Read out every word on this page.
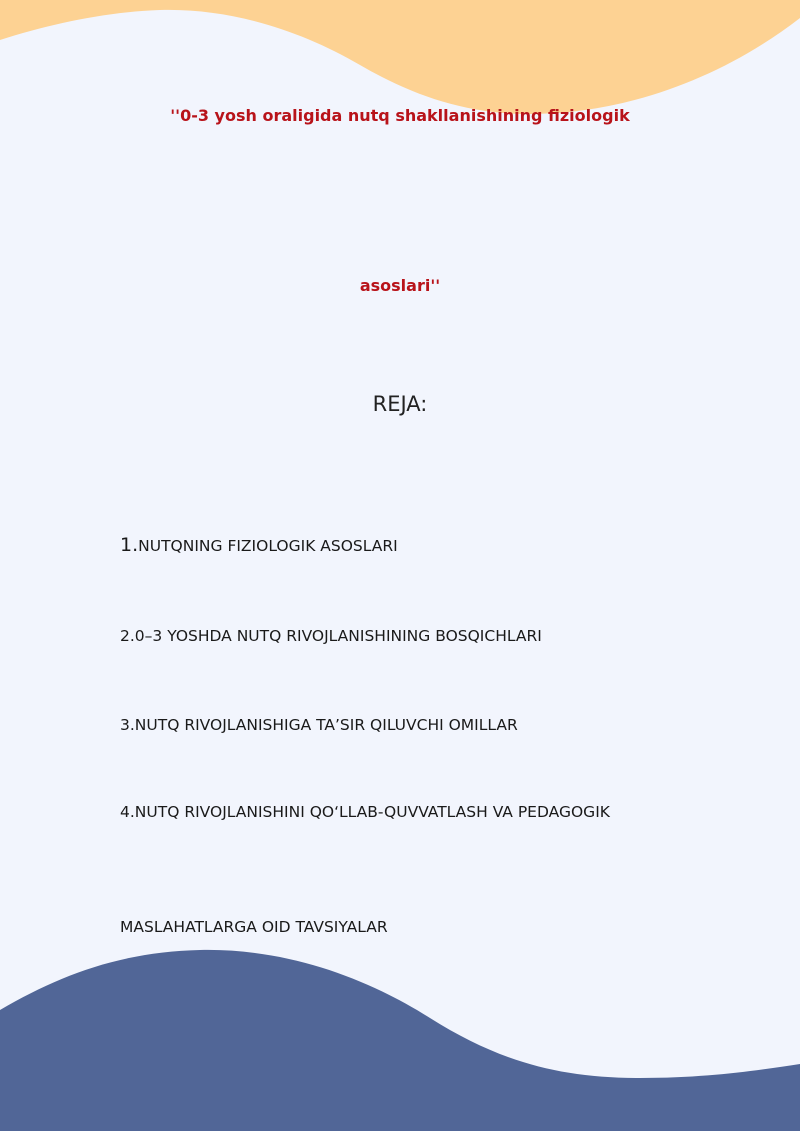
''0-3 yosh oraligida nutq shakllanishining fiziologik

asoslari''

REJA:

1.NUTQNING FIZIOLOGIK ASOSLARI

2.0–3 YOSHDA NUTQ RIVOJLANISHINING BOSQICHLARI

3.NUTQ RIVOJLANISHIGA TA’SIR QILUVCHI OMILLAR

4.NUTQ RIVOJLANISHINI QO‘LLAB-QUVVATLASH VA PEDAGOGIK

MASLAHATLARGA OID TAVSIYALAR
